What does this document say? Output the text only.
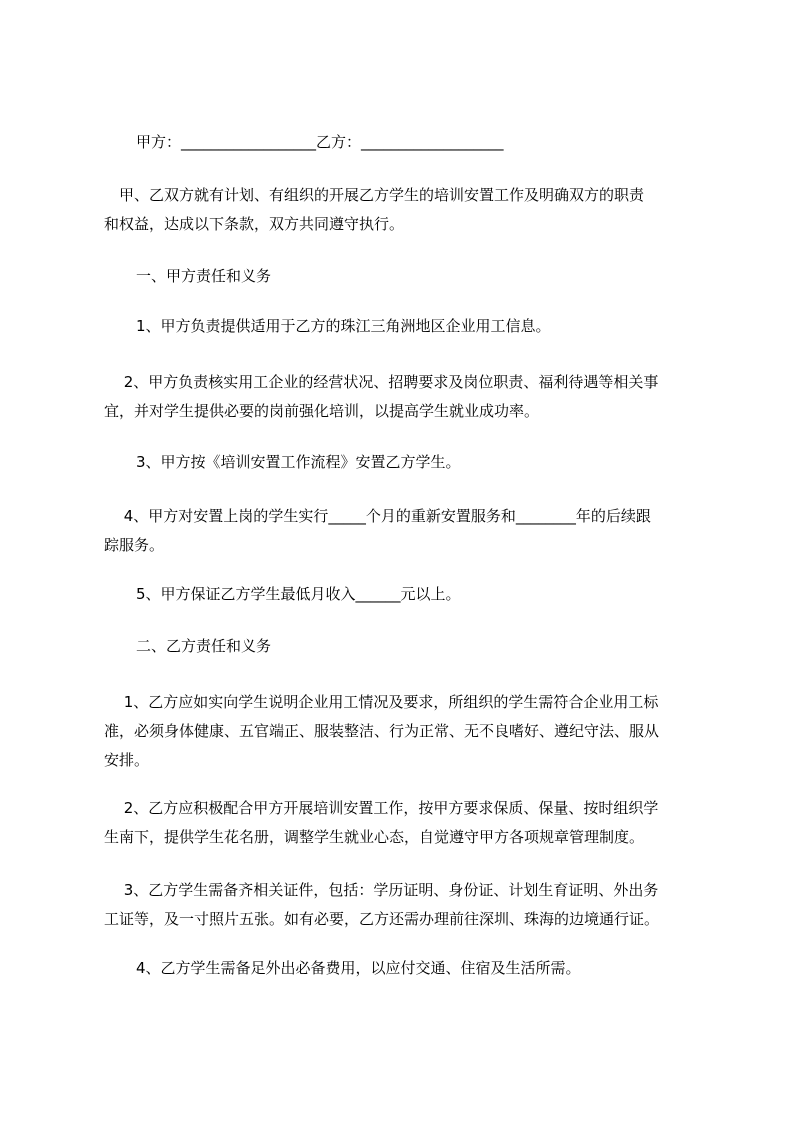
甲方：__________________乙方：___________________
　甲、乙双方就有计划、有组织的开展乙方学生的培训安置工作及明确双方的职责
和权益，达成以下条款，双方共同遵守执行。
一、甲方责任和义务
1、甲方负责提供适用于乙方的珠江三角洲地区企业用工信息。
　 2、甲方负责核实用工企业的经营状况、招聘要求及岗位职责、福利待遇等相关事
宜，并对学生提供必要的岗前强化培训，以提高学生就业成功率。
3、甲方按《培训安置工作流程》安置乙方学生。
　 4、甲方对安置上岗的学生实行_____个月的重新安置服务和________年的后续跟
踪服务。
5、甲方保证乙方学生最低月收入______元以上。
二、乙方责任和义务
　 1、乙方应如实向学生说明企业用工情况及要求，所组织的学生需符合企业用工标
准，必须身体健康、五官端正、服装整洁、行为正常、无不良嗜好、遵纪守法、服从
安排。
　 2、乙方应积极配合甲方开展培训安置工作，按甲方要求保质、保量、按时组织学
生南下，提供学生花名册，调整学生就业心态，自觉遵守甲方各项规章管理制度。
　 3、乙方学生需备齐相关证件，包括：学历证明、身份证、计划生育证明、外出务
工证等，及一寸照片五张。如有必要，乙方还需办理前往深圳、珠海的边境通行证。
4、乙方学生需备足外出必备费用，以应付交通、住宿及生活所需。
